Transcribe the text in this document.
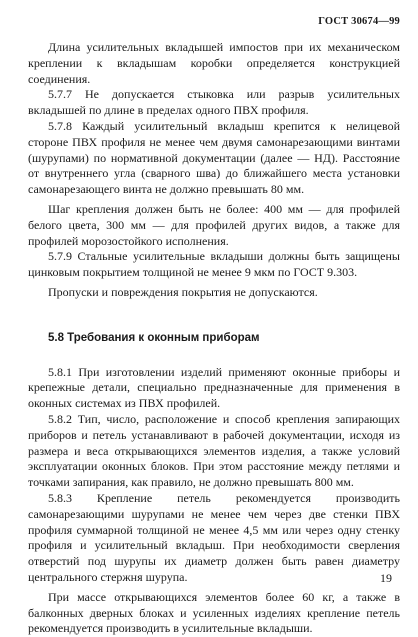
ГОСТ 30674—99

Длина усилительных вкладышей импостов при их механическом креплении к вкладышам коробки определяется конструкцией соединения.

5.7.7 Не допускается стыковка или разрыв усилительных вкладышей по длине в пределах одного ПВХ профиля.

5.7.8 Каждый усилительный вкладыш крепится к нелицевой стороне ПВХ профиля не менее чем двумя самонарезающими винтами (шурупами) по нормативной документации (далее — НД). Расстояние от внутреннего угла (сварного шва) до ближайшего места установки самонарезающего винта не должно превышать 80 мм.

Шаг крепления должен быть не более: 400 мм — для профилей белого цвета, 300 мм — для профилей других видов, а также для профилей морозостойкого исполнения.

5.7.9 Стальные усилительные вкладыши должны быть защищены цинковым покрытием толщиной не менее 9 мкм по ГОСТ 9.303.

Пропуски и повреждения покрытия не допускаются.

5.8 Требования к оконным приборам

5.8.1 При изготовлении изделий применяют оконные приборы и крепежные детали, специально предназначенные для применения в оконных системах из ПВХ профилей.

5.8.2 Тип, число, расположение и способ крепления запирающих приборов и петель устанавливают в рабочей документации, исходя из размера и веса открывающихся элементов изделия, а также условий эксплуатации оконных блоков. При этом расстояние между петлями и точками запирания, как правило, не должно превышать 800 мм.

5.8.3 Крепление петель рекомендуется производить самонарезающими шурупами не менее чем через две стенки ПВХ профиля суммарной толщиной не менее 4,5 мм или через одну стенку профиля и усилительный вкладыш. При необходимости сверления отверстий под шурупы их диаметр должен быть равен диаметру центрального стержня шурупа.

При массе открывающихся элементов более 60 кг, а также в балконных дверных блоках и усиленных изделиях крепление петель рекомендуется производить в усилительные вкладыши.

19
